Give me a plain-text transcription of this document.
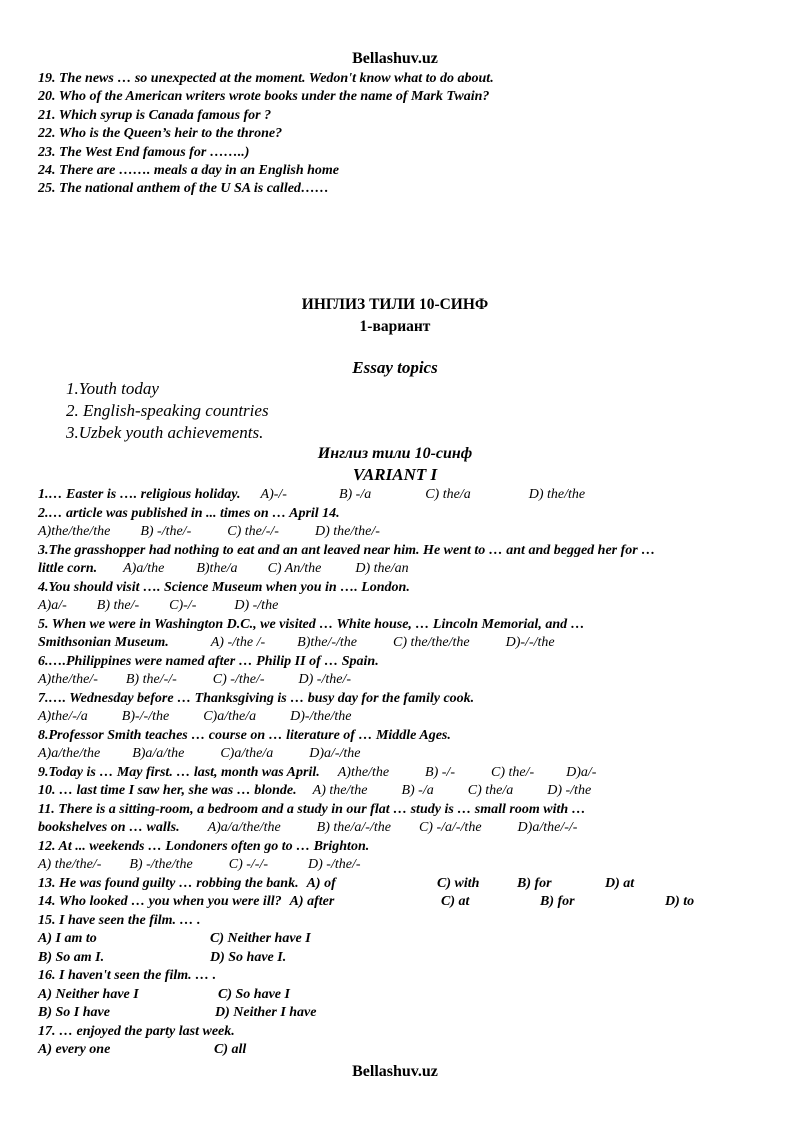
Bellashuv.uz
19. The news … so unexpected at the moment. Wedon't know what to do about.
20. Who of the American writers wrote books under the name of Mark Twain?
21. Which syrup is Canada famous for ?
22. Who is the Queen’s heir to the throne?
23. The West End famous for ……..)
24. There are ……. meals a day in an English home
25. The national anthem of the U SA is called……
ИНГЛИЗ ТИЛИ 10-СИНФ
1-вариант
Essay topics
1.Youth today
2. English-speaking countries
3.Uzbek youth achievements.
Инглиз тили 10-синф
VARIANT I
1.… Easter is …. religious holiday. A)-/-	B) -/a	C) the/a	D) the/the
2.… article was published in ... times on … April 14.
A)the/the/the B) -/the/-	C) the/-/-	D) the/the/-
3.The grasshopper had nothing to eat and an ant leaved near him. He went to … ant and begged her for …
little corn. A)a/the B)the/a C) An/the D) the/an
4.You should visit …. Science Museum when you in …. London.
A)a/- B) the/- C)-/-	D) -/the
5. When we were in Washington D.C., we visited … White house, … Lincoln Memorial, and …
Smithsonian Museum.	A) -/the /- B)the/-/the	C) the/the/the	D)-/-/the
6.….Philippines were named after … Philip II of … Spain.
A)the/the/- B) the/-/-	C) -/the/- D) -/the/-
7.…. Wednesday before … Thanksgiving is … busy day for the family cook.
A)the/-/a B)-/-/the C)a/the/a D)-/the/the
8.Professor Smith teaches … course on … literature of … Middle Ages.
A)a/the/the B)a/a/the	C)a/the/a	D)a/-/the
9.Today is … May first. … last, month was April. A)the/the	B) -/-	C) the/- D)a/-
10. … last time I saw her, she was … blonde. A) the/the B) -/a C) the/a D) -/the
11. There is a sitting-room, a bedroom and a study in our flat … study is … small room with …
bookshelves on … walls. A)a/a/the/the	B) the/a/-/the C) -/a/-/the	D)a/the/-/-
12. At ... weekends … Londoners often go to … Brighton.
A) the/the/- B) -/the/the	C) -/-/-	D) -/the/-
13. He was found guilty … robbing the bank. A) of	C) with	B) for	D) at
14. Who looked … you when you were ill? A) after	C) at	B) for	D) to
15. I have seen the film. … .
A) I am to	C) Neither have I
B) So am I.	D) So have I.
16. I haven't seen the film. … .
A) Neither have I	C) So have I
B) So I have	D) Neither I have
17. … enjoyed the party last week.
A) every one	C) all
Bellashuv.uz
